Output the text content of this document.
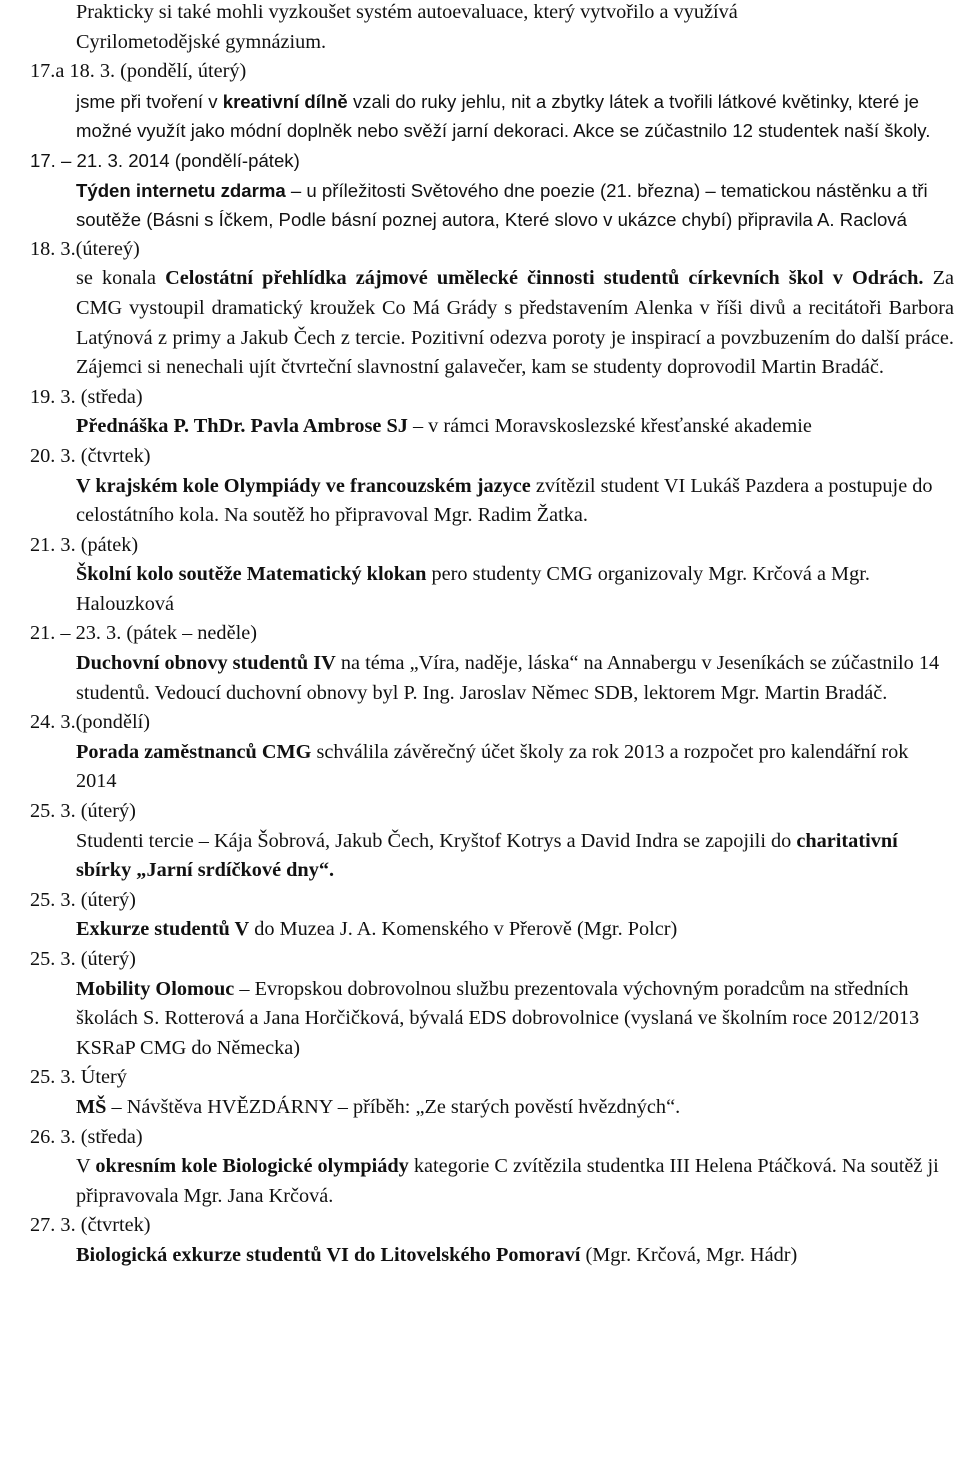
Prakticky si také mohli vyzkoušet systém autoevaluace, který vytvořilo a využívá
Cyrilometodějské gymnázium.
17.a 18. 3. (pondělí, úterý)
jsme při tvoření v kreativní dílně vzali do ruky jehlu, nit a zbytky látek a tvořili látkové květinky, které je možné využít jako módní doplněk nebo svěží jarní dekoraci. Akce se zúčastnilo 12 studentek naší školy.
17. – 21. 3. 2014 (pondělí-pátek)
Týden internetu zdarma – u příležitosti Světového dne poezie (21. března) – tematickou nástěnku a tři soutěže (Básni s Íčkem, Podle básní poznej autora, Které slovo v ukázce chybí) připravila A. Raclová
18. 3.(útereý)
se konala Celostátní přehlídka zájmové umělecké činnosti studentů církevních škol v Odrách. Za CMG vystoupil dramatický kroužek Co Má Grády s představením Alenka v říši divů a recitátoři Barbora Latýnová z primy a Jakub Čech z tercie. Pozitivní odezva poroty je inspirací a povzbuzením do další práce. Zájemci si nenechali ujít čtvrteční slavnostní galavečer, kam se studenty doprovodil Martin Bradáč.
19. 3. (středa)
Přednáška P. ThDr. Pavla Ambrose SJ – v rámci Moravskoslezské křesťanské akademie
20. 3. (čtvrtek)
V krajském kole Olympiády ve francouzském jazyce zvítězil student VI Lukáš Pazdera a postupuje do celostátního kola. Na soutěž ho připravoval Mgr. Radim Žatka.
21. 3. (pátek)
Školní kolo soutěže Matematický klokan pero studenty CMG organizovaly Mgr. Krčová a Mgr. Halouzková
21. – 23. 3. (pátek – neděle)
Duchovní obnovy studentů IV na téma „Víra, naděje, láska“ na Annabergu v Jeseníkách se zúčastnilo 14 studentů. Vedoucí duchovní obnovy byl P. Ing. Jaroslav Němec SDB, lektorem Mgr. Martin Bradáč.
24. 3.(pondělí)
Porada zaměstnanců CMG schválila závěrečný účet školy za rok 2013 a rozpočet pro kalendářní rok 2014
25. 3. (úterý)
Studenti tercie – Kája Šobrová, Jakub Čech, Kryštof Kotrys a David Indra se zapojili do charitativní sbírky „Jarní srdíčkové dny“.
25. 3. (úterý)
Exkurze studentů V do Muzea J. A. Komenského v Přerově (Mgr. Polcr)
25. 3. (úterý)
Mobility Olomouc – Evropskou dobrovolnou službu prezentovala výchovným poradcům na středních školách S. Rotterová a Jana Horčičková, bývalá EDS dobrovolnice (vyslaná ve školním roce 2012/2013 KSRaP CMG do Německa)
25. 3. Úterý
MŠ – Návštěva HVĚZDÁRNY – příběh: „Ze starých pověstí hvězdných“.
26. 3. (středa)
V okresním kole Biologické olympiády kategorie C zvítězila studentka III Helena Ptáčková. Na soutěž ji připravovala Mgr. Jana Krčová.
27. 3. (čtvrtek)
Biologická exkurze studentů VI do Litovelského Pomoraví (Mgr. Krčová, Mgr. Hádr)
